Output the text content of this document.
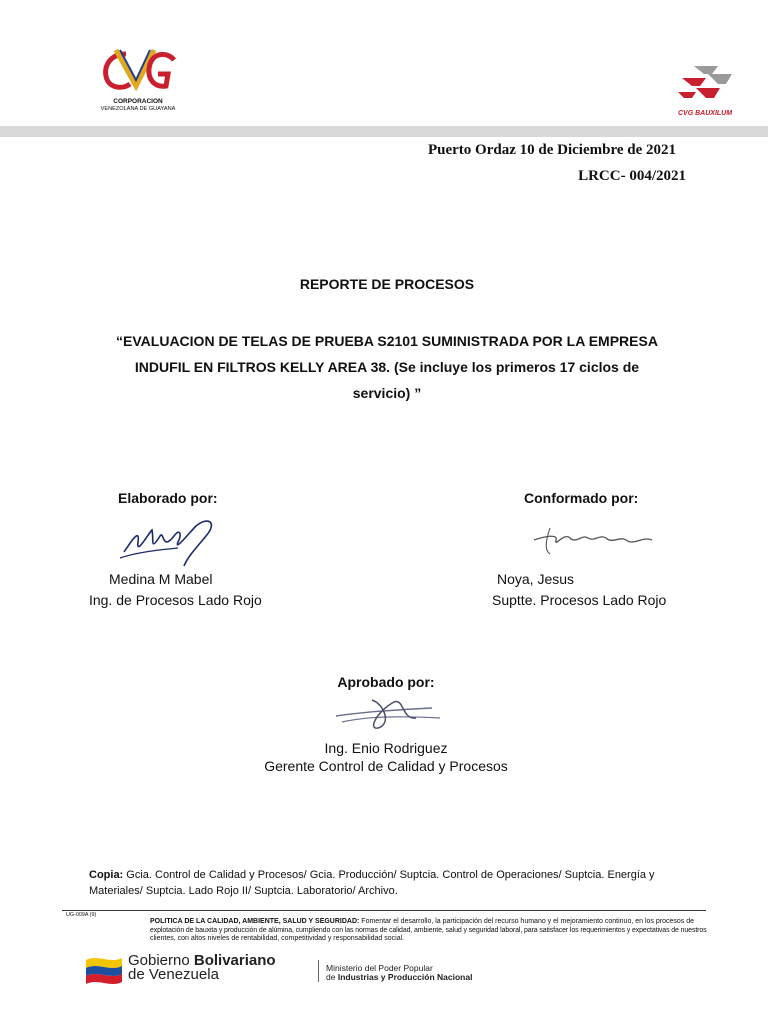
CORPORACION
VENEZOLANA DE GUAYANA
CVG BAUXILUM
Puerto Ordaz 10 de Diciembre de 2021
LRCC- 004/2021
REPORTE DE PROCESOS
“EVALUACION DE TELAS DE PRUEBA S2101 SUMINISTRADA POR LA EMPRESA
INDUFIL EN FILTROS KELLY AREA 38. (Se incluye los primeros 17 ciclos de
servicio) ”
Elaborado por:
Medina M Mabel
Ing. de Procesos Lado Rojo
Conformado por:
Noya, Jesus
Suptte. Procesos Lado Rojo
Aprobado por:
Ing. Enio Rodriguez
Gerente Control de Calidad y Procesos
Copia: Gcia. Control de Calidad y Procesos/ Gcia. Producción/ Suptcia. Control de Operaciones/ Suptcia. Energía y
Materiales/ Suptcia. Lado Rojo II/ Suptcia. Laboratorio/ Archivo.
UG-009A (9)
POLITICA DE LA CALIDAD, AMBIENTE, SALUD Y SEGURIDAD: Fomentar el desarrollo, la participación del recurso humano y el mejoramiento continuo, en los procesos de
explotación de bauxita y producción de alúmina, cumpliendo con las normas de calidad, ambiente, salud y seguridad laboral, para satisfacer los requerimientos y expectativas de nuestros
clientes, con altos niveles de rentabilidad, competitividad y responsabilidad social.
Gobierno Bolivariano
de Venezuela	Ministerio del Poder Popular
de Industrias y Producción Nacional
